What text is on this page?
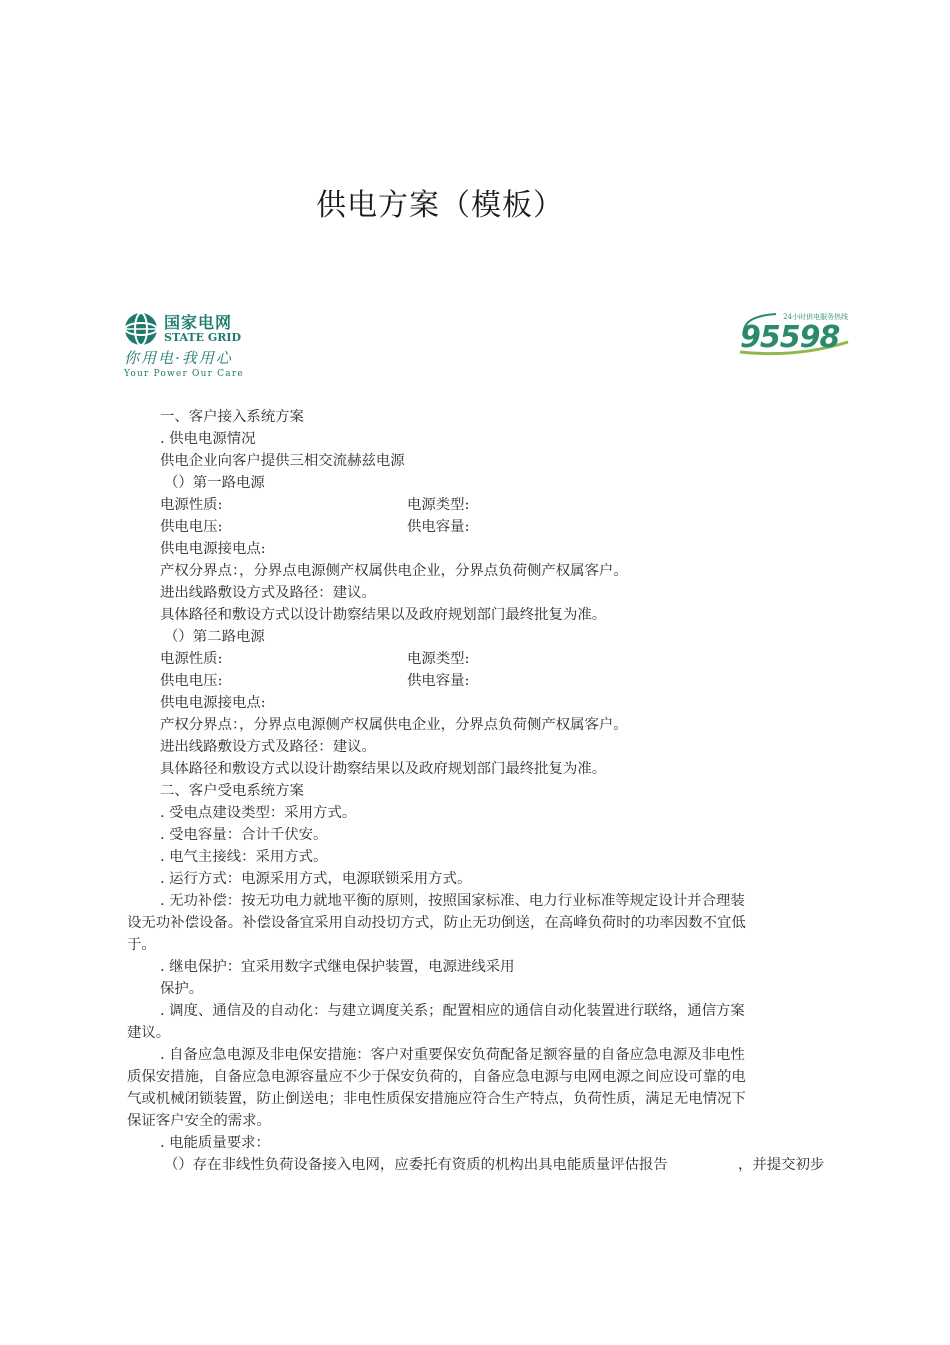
供电方案（模板）
国家电网
STATE GRID
你用电·我用心
Your Power Our Care
24小时供电服务热线
95598
一、客户接入系统方案
. 供电电源情况
供电企业向客户提供三相交流赫兹电源
（）第一路电源
电源性质:	电源类型:
供电电压:	供电容量:
供电电源接电点:
产权分界点：，分界点电源侧产权属供电企业，分界点负荷侧产权属客户。
进出线路敷设方式及路径：建议。
具体路径和敷设方式以设计勘察结果以及政府规划部门最终批复为准。
（）第二路电源
电源性质:	电源类型:
供电电压:	供电容量:
供电电源接电点:
产权分界点：，分界点电源侧产权属供电企业，分界点负荷侧产权属客户。
进出线路敷设方式及路径：建议。
具体路径和敷设方式以设计勘察结果以及政府规划部门最终批复为准。
二、客户受电系统方案
. 受电点建设类型：采用方式。
. 受电容量：合计千伏安。
. 电气主接线：采用方式。
. 运行方式：电源采用方式，电源联锁采用方式。
. 无功补偿：按无功电力就地平衡的原则，按照国家标准、电力行业标准等规定设计并合理装
设无功补偿设备。补偿设备宜采用自动投切方式，防止无功倒送，在高峰负荷时的功率因数不宜低
于。
. 继电保护：宜采用数字式继电保护装置，电源进线采用
保护。
. 调度、通信及的自动化：与建立调度关系；配置相应的通信自动化装置进行联络，通信方案
建议。
. 自备应急电源及非电保安措施：客户对重要保安负荷配备足额容量的自备应急电源及非电性
质保安措施，自备应急电源容量应不少于保安负荷的，自备应急电源与电网电源之间应设可靠的电
气或机械闭锁装置，防止倒送电；非电性质保安措施应符合生产特点，负荷性质，满足无电情况下
保证客户安全的需求。
. 电能质量要求：
（）存在非线性负荷设备接入电网，应委托有资质的机构出具电能质量评估报告	，并提交初步
